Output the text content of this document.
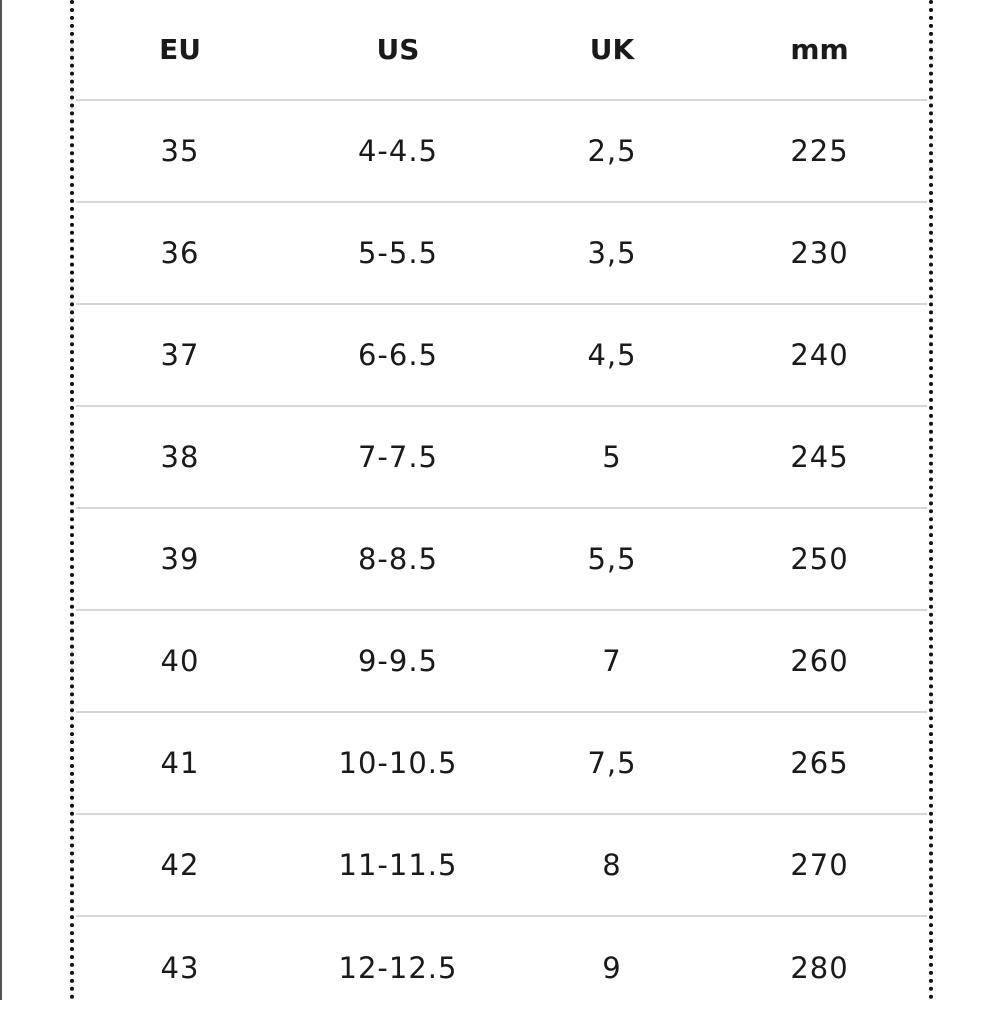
EU	US	UK	mm
35	4-4.5	2,5	225
36	5-5.5	3,5	230
37	6-6.5	4,5	240
38	7-7.5	5	245
39	8-8.5	5,5	250
40	9-9.5	7	260
41	10-10.5	7,5	265
42	11-11.5	8	270
43	12-12.5	9	280
